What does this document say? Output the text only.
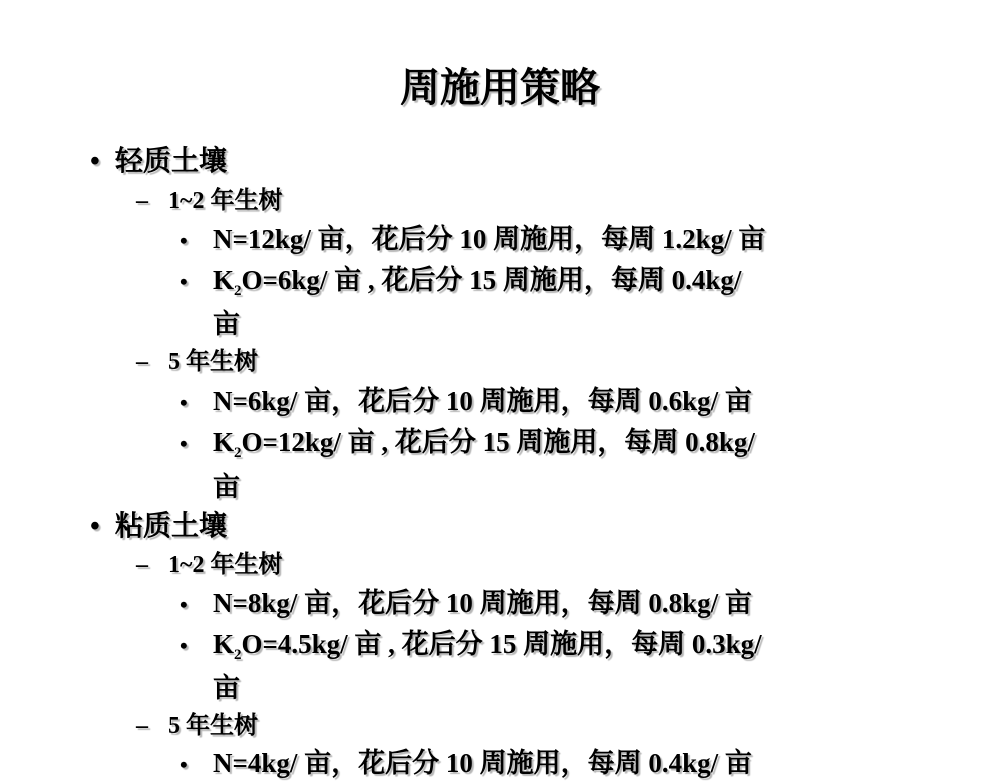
周施用策略
• 轻质土壤
– 1~2 年生树
• N=12kg/ 亩，花后分 10 周施用，每周 1.2kg/ 亩
• $K_2O=6kg/$ 亩 , 花后分 15 周施用，每周 0.4kg/
亩
– 5 年生树
• N=6kg/ 亩，花后分 10 周施用，每周 0.6kg/ 亩
• $K_2O=12kg/$ 亩 , 花后分 15 周施用，每周 0.8kg/
亩
• 粘质土壤
– 1~2 年生树
• N=8kg/ 亩，花后分 10 周施用，每周 0.8kg/ 亩
• $K_2O=4.5kg/$ 亩 , 花后分 15 周施用，每周 0.3kg/
亩
– 5 年生树
• N=4kg/ 亩，花后分 10 周施用，每周 0.4kg/ 亩
